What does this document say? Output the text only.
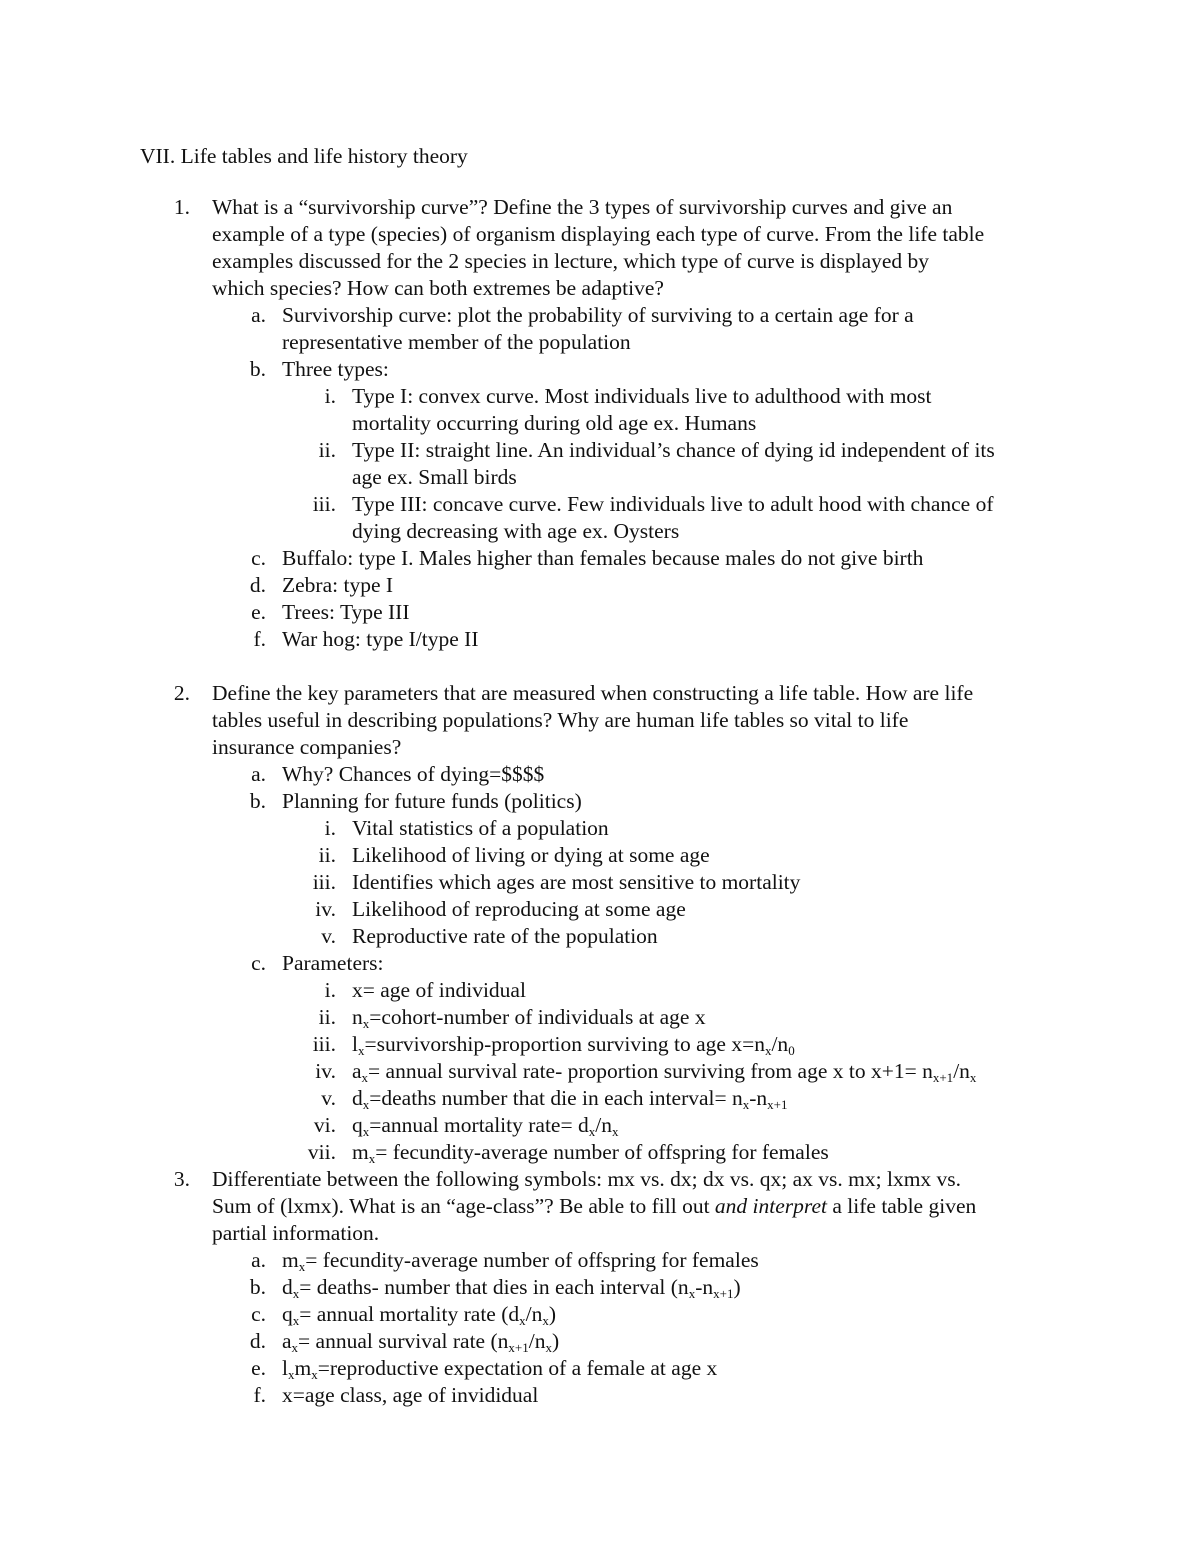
VII. Life tables and life history theory
1. What is a “survivorship curve”? Define the 3 types of survivorship curves and give an
example of a type (species) of organism displaying each type of curve. From the life table
examples discussed for the 2 species in lecture, which type of curve is displayed by
which species? How can both extremes be adaptive?
a. Survivorship curve: plot the probability of surviving to a certain age for a
representative member of the population
b. Three types:
i. Type I: convex curve. Most individuals live to adulthood with most
mortality occurring during old age ex. Humans
ii. Type II: straight line. An individual’s chance of dying id independent of its
age ex. Small birds
iii. Type III: concave curve. Few individuals live to adult hood with chance of
dying decreasing with age ex. Oysters
c. Buffalo: type I. Males higher than females because males do not give birth
d. Zebra: type I
e. Trees: Type III
f. War hog: type I/type II
2. Define the key parameters that are measured when constructing a life table. How are life
tables useful in describing populations? Why are human life tables so vital to life
insurance companies?
a. Why? Chances of dying=$$$$
b. Planning for future funds (politics)
i. Vital statistics of a population
ii. Likelihood of living or dying at some age
iii. Identifies which ages are most sensitive to mortality
iv. Likelihood of reproducing at some age
v. Reproductive rate of the population
c. Parameters:
i. x= age of individual
ii. $n_x=cohort$-number of individuals at age x
iii. $l_x=survivorship$-proportion surviving to age $x=n_x/n_0$
iv. $a_x=$ annual survival rate- proportion surviving from age x to $x+1= n_{x+1}/n_x$
v. $d_x=deaths$ number that die in each interval= $n_x-n_{x+1}$
vi. $q_x=annual$ mortality rate= $d_x/n_x$
vii. $m_x=$ fecundity-average number of offspring for females
3. Differentiate between the following symbols: mx vs. dx; dx vs. qx; ax vs. mx; lxmx vs.
Sum of (lxmx). What is an “age-class”? Be able to fill out and interpret a life table given
partial information.
a. $m_x=$ fecundity-average number of offspring for females
b. $d_x=$ deaths- number that dies in each interval $(n_x-n_{x+1})$
c. $q_x=$ annual mortality rate $(d_x/n_x)$
d. $a_x=$ annual survival rate $(n_{x+1}/n_x)$
e. $l_xm_x=reproductive$ expectation of a female at age x
f. x=age class, age of invididual
